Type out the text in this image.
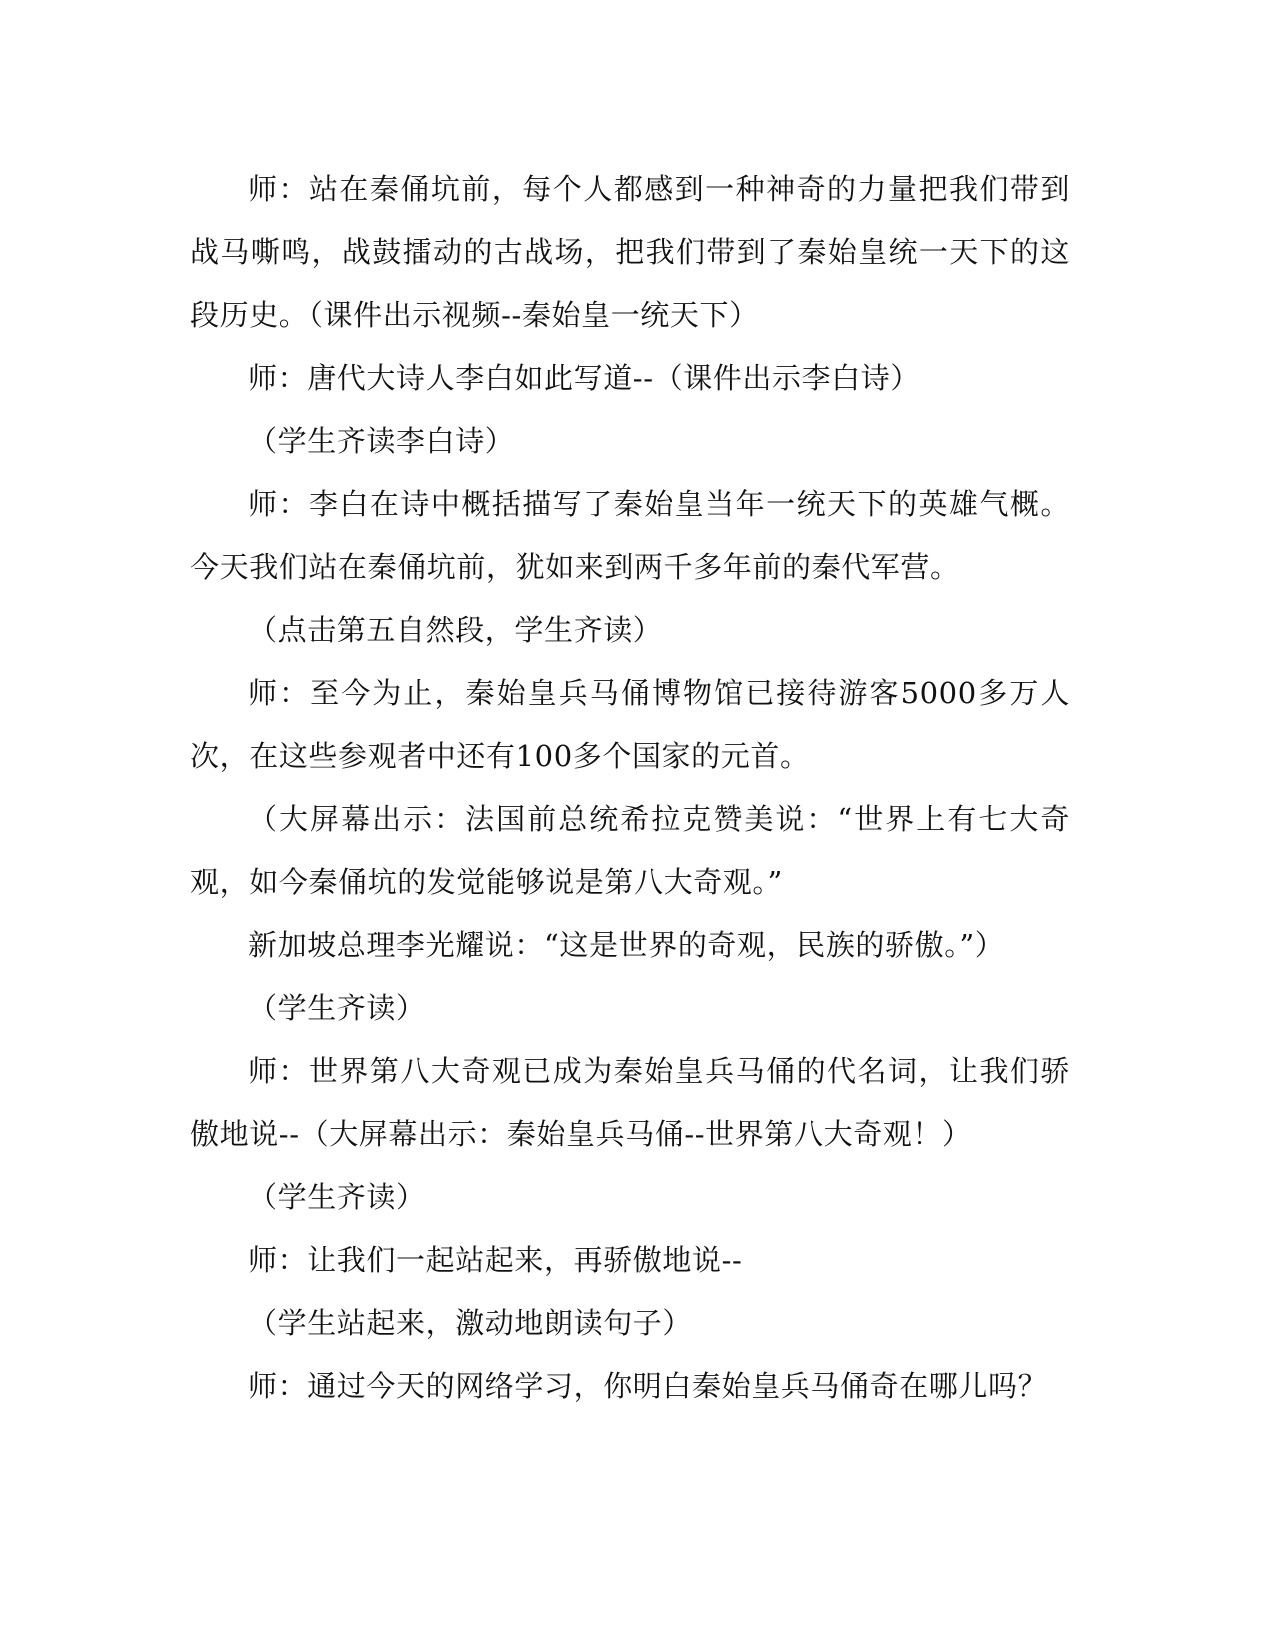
师：站在秦俑坑前，每个人都感到一种神奇的力量把我们带到战马嘶鸣，战鼓擂动的古战场，把我们带到了秦始皇统一天下的这段历史。（课件出示视频--秦始皇一统天下）

师：唐代大诗人李白如此写道--（课件出示李白诗）

（学生齐读李白诗）

师：李白在诗中概括描写了秦始皇当年一统天下的英雄气概。今天我们站在秦俑坑前，犹如来到两千多年前的秦代军营。

（点击第五自然段，学生齐读）

师：至今为止，秦始皇兵马俑博物馆已接待游客5000多万人次，在这些参观者中还有100多个国家的元首。

（大屏幕出示：法国前总统希拉克赞美说：“世界上有七大奇观，如今秦俑坑的发觉能够说是第八大奇观。”

新加坡总理李光耀说：“这是世界的奇观，民族的骄傲。”）

（学生齐读）

师：世界第八大奇观已成为秦始皇兵马俑的代名词，让我们骄傲地说--（大屏幕出示：秦始皇兵马俑--世界第八大奇观！）

（学生齐读）

师：让我们一起站起来，再骄傲地说--

（学生站起来，激动地朗读句子）

师：通过今天的网络学习，你明白秦始皇兵马俑奇在哪儿吗？
